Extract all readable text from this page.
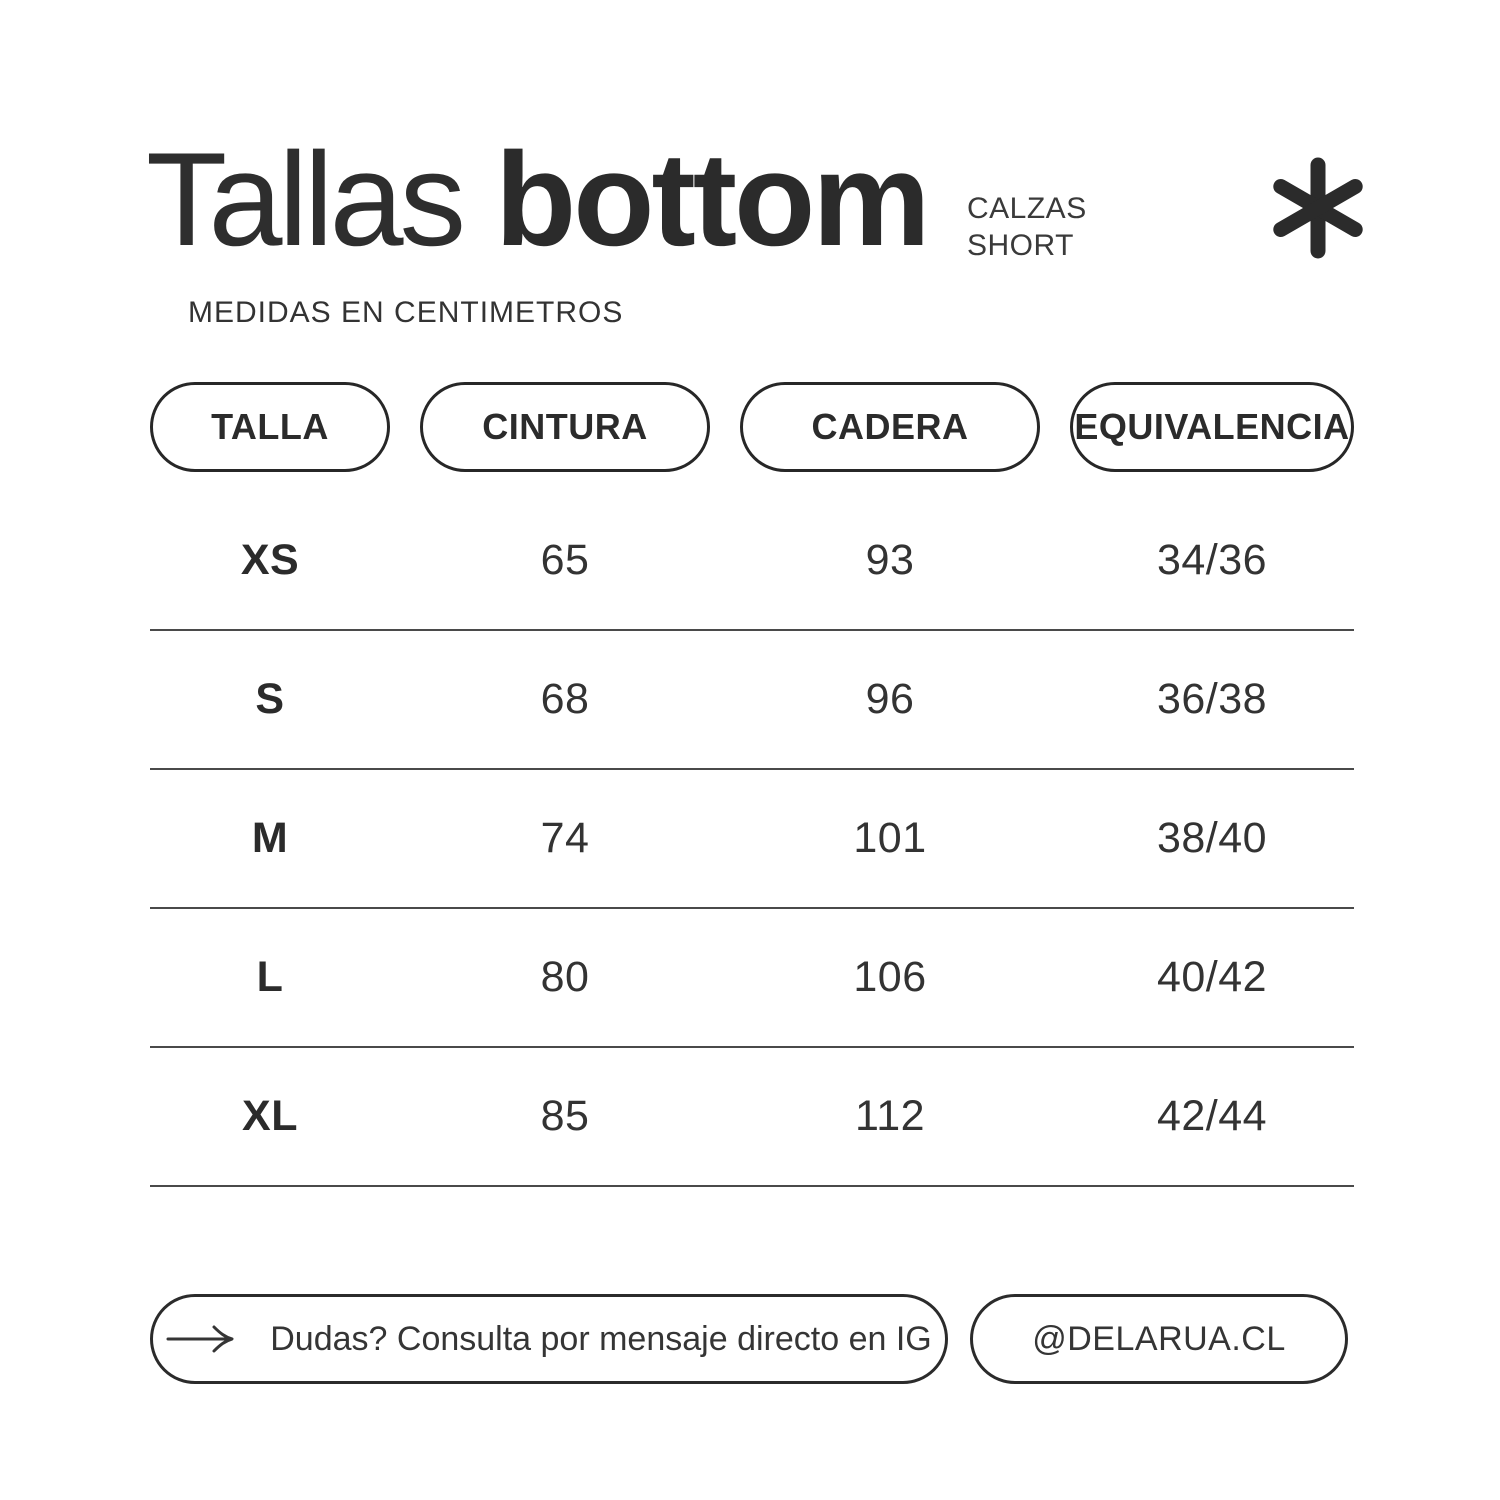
Tallas bottom CALZAS
SHORT
MEDIDAS EN CENTIMETROS
TALLA	CINTURA	CADERA	EQUIVALENCIA
XS	65	93	34/36
S	68	96	36/38
M	74	101	38/40
L	80	106	40/42
XL	85	112	42/44
Dudas? Consulta por mensaje directo en IG	@DELARUA.CL
